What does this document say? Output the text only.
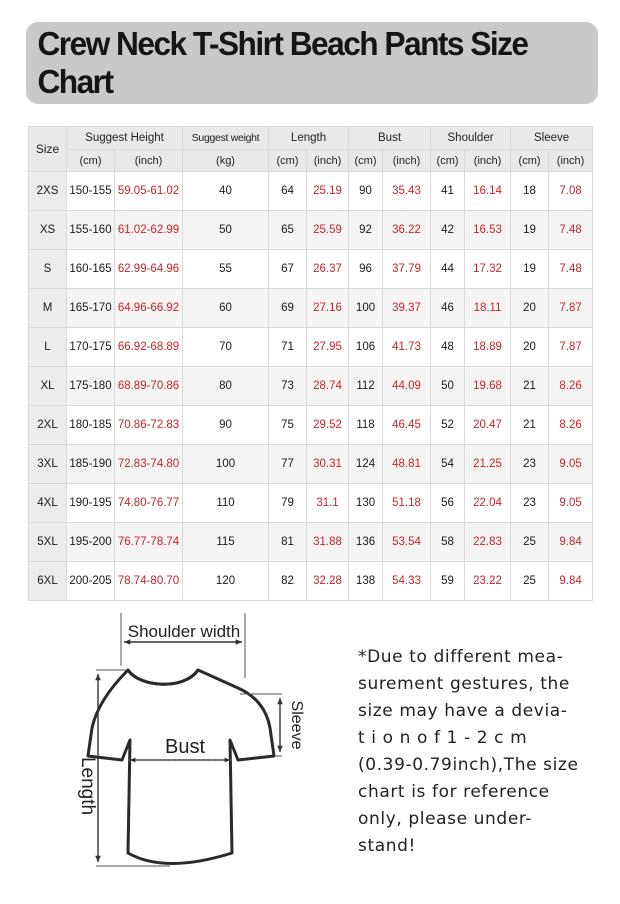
Crew Neck T-Shirt Beach Pants Size Chart
Size	Suggest Height		Suggest weight	Length		Bust		Shoulder		Sleeve	
	(cm)	(inch)	(kg)	(cm)	(inch)	(cm)	(inch)	(cm)	(inch)	(cm)	(inch)
2XS	150-155	59.05-61.02	40	64	25.19	90	35.43	41	16.14	18	7.08
XS	155-160	61.02-62.99	50	65	25.59	92	36.22	42	16.53	19	7.48
S	160-165	62.99-64.96	55	67	26.37	96	37.79	44	17.32	19	7.48
M	165-170	64.96-66.92	60	69	27.16	100	39.37	46	18.11	20	7.87
L	170-175	66.92-68.89	70	71	27.95	106	41.73	48	18.89	20	7.87
XL	175-180	68.89-70.86	80	73	28.74	112	44.09	50	19.68	21	8.26
2XL	180-185	70.86-72.83	90	75	29.52	118	46.45	52	20.47	21	8.26
3XL	185-190	72.83-74.80	100	77	30.31	124	48.81	54	21.25	23	9.05
4XL	190-195	74.80-76.77	110	79	31.1	130	51.18	56	22.04	23	9.05
5XL	195-200	76.77-78.74	115	81	31.88	136	53.54	58	22.83	25	9.84
6XL	200-205	78.74-80.70	120	82	32.28	138	54.33	59	23.22	25	9.84
Shoulder width
Bust
Length
Sleeve
*Due to different mea-
surement gestures, the
size may have a devia-
t i o n o f 1 - 2 c m
(0.39-0.79inch),The size
chart is for reference
only, please under-
stand!
